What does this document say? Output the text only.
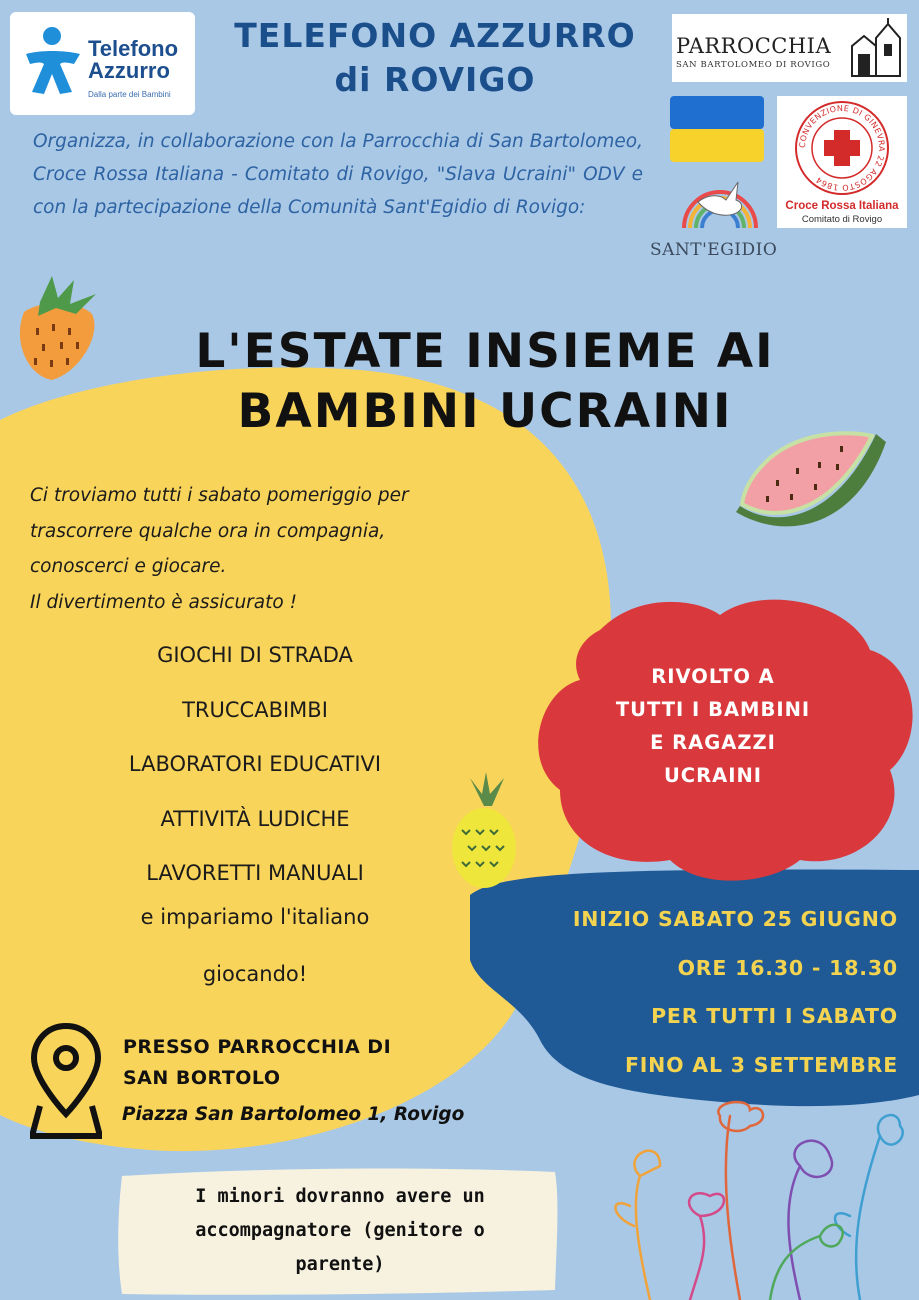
Telefono
Azzurro
Dalla parte dei Bambini
TELEFONO AZZURRO
di ROVIGO
Organizza, in collaborazione con la Parrocchia di San Bartolomeo, Croce Rossa Italiana - Comitato di Rovigo, "Slava Ucraini" ODV e con la partecipazione della Comunità Sant'Egidio di Rovigo:
PARROCCHIA
SAN BARTOLOMEO DI ROVIGO
CONVENZIONE DI GINEVRA 22 AGOSTO 1864
Croce Rossa Italiana
Comitato di Rovigo
SANT'EGIDIO
L'ESTATE INSIEME AI
BAMBINI UCRAINI
Ci troviamo tutti i sabato pomeriggio per
trascorrere qualche ora in compagnia,
conoscerci e giocare.
Il divertimento è assicurato !
GIOCHI DI STRADA
TRUCCABIMBI
LABORATORI EDUCATIVI
ATTIVITÀ LUDICHE
LAVORETTI MANUALI
e impariamo l'italiano
giocando!
RIVOLTO A
TUTTI I BAMBINI
E RAGAZZI
UCRAINI
INIZIO SABATO 25 GIUGNO
ORE 16.30 - 18.30
PER TUTTI I SABATO
FINO AL 3 SETTEMBRE
PRESSO PARROCCHIA DI
SAN BORTOLO
Piazza San Bartolomeo 1, Rovigo
I minori dovranno avere un
accompagnatore (genitore o
parente)
